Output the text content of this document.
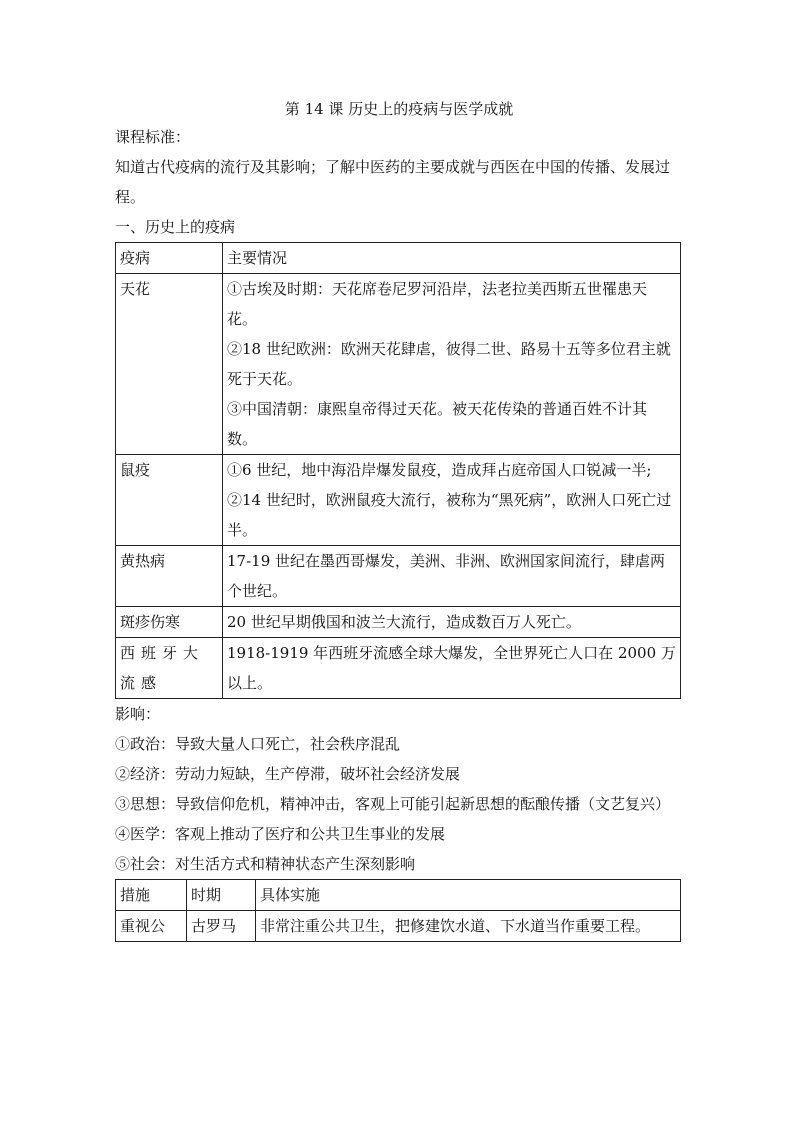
第 14 课 历史上的疫病与医学成就

课程标准：

知道古代疫病的流行及其影响；了解中医药的主要成就与西医在中国的传播、发展过程。

一、历史上的疫病

疫病	主要情况
天花	①古埃及时期：天花席卷尼罗河沿岸，法老拉美西斯五世罹患天花。
②18 世纪欧洲：欧洲天花肆虐，彼得二世、路易十五等多位君主就死于天花。
③中国清朝：康熙皇帝得过天花。被天花传染的普通百姓不计其数。

鼠疫	①6 世纪，地中海沿岸爆发鼠疫，造成拜占庭帝国人口锐减一半;
②14 世纪时，欧洲鼠疫大流行，被称为“黑死病”，欧洲人口死亡过半。

黄热病	17-19 世纪在墨西哥爆发，美洲、非洲、欧洲国家间流行，肆虐两个世纪。

斑疹伤寒	20 世纪早期俄国和波兰大流行，造成数百万人死亡。

西班牙大流感	1918-1919 年西班牙流感全球大爆发，全世界死亡人口在 2000 万以上。

影响：

①政治：导致大量人口死亡，社会秩序混乱

②经济：劳动力短缺，生产停滞，破坏社会经济发展

③思想：导致信仰危机，精神冲击，客观上可能引起新思想的酝酿传播（文艺复兴）

④医学：客观上推动了医疗和公共卫生事业的发展

⑤社会：对生活方式和精神状态产生深刻影响

措施	时期	具体实施
重视公	古罗马	非常注重公共卫生，把修建饮水道、下水道当作重要工程。
